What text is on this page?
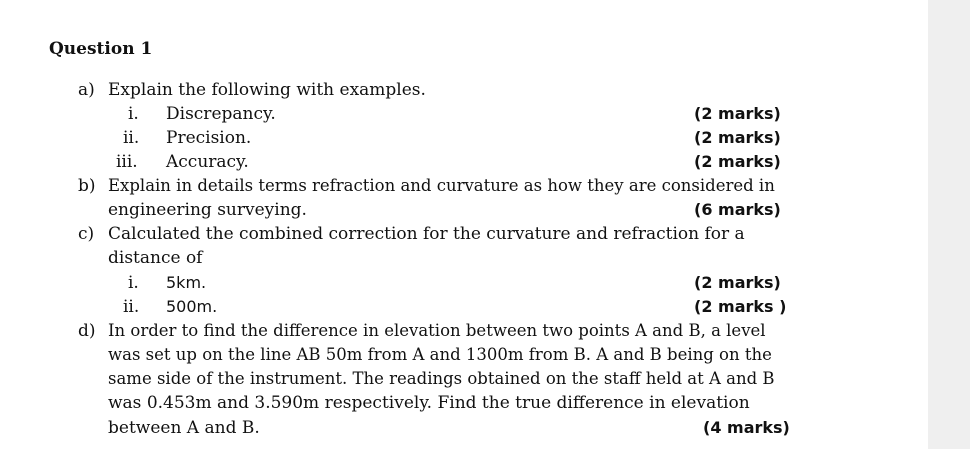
Question 1
a) Explain the following with examples.
i. Discrepancy.	(2 marks)
ii. Precision.	(2 marks)
iii. Accuracy.	(2 marks)
b) Explain in details terms refraction and curvature as how they are considered in
engineering surveying.	(6 marks)
c) Calculated the combined correction for the curvature and refraction for a
distance of
i. 5km.	(2 marks)
ii. 500m.	(2 marks )
d) In order to find the difference in elevation between two points A and B, a level
was set up on the line AB 50m from A and 1300m from B. A and B being on the
same side of the instrument. The readings obtained on the staff held at A and B
was 0.453m and 3.590m respectively. Find the true difference in elevation
between A and B.	(4 marks)
